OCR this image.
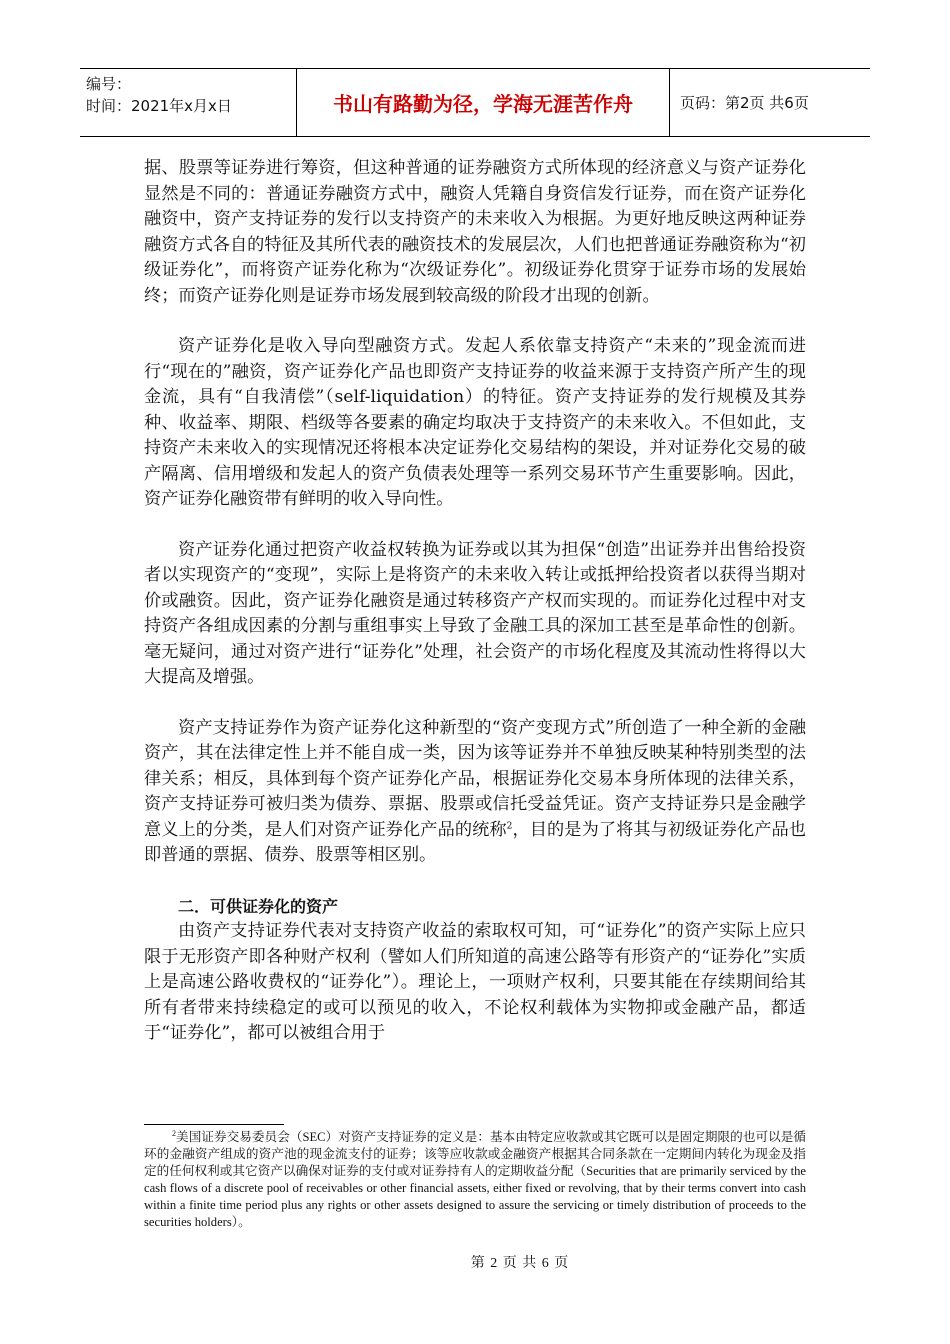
编号：
时间：2021年x月x日	书山有路勤为径，学海无涯苦作舟	页码：第2页 共6页

据、股票等证券进行筹资，但这种普通的证券融资方式所体现的经济意义与资产证券化显然是不同的：普通证券融资方式中，融资人凭籍自身资信发行证券，而在资产证券化融资中，资产支持证券的发行以支持资产的未来收入为根据。为更好地反映这两种证券融资方式各自的特征及其所代表的融资技术的发展层次，人们也把普通证券融资称为“初级证券化”，而将资产证券化称为“次级证券化”。初级证券化贯穿于证券市场的发展始终；而资产证券化则是证券市场发展到较高级的阶段才出现的创新。

资产证券化是收入导向型融资方式。发起人系依靠支持资产“未来的”现金流而进行“现在的”融资，资产证券化产品也即资产支持证券的收益来源于支持资产所产生的现金流，具有“自我清偿”（self-liquidation）的特征。资产支持证券的发行规模及其券种、收益率、期限、档级等各要素的确定均取决于支持资产的未来收入。不但如此，支持资产未来收入的实现情况还将根本决定证券化交易结构的架设，并对证券化交易的破产隔离、信用增级和发起人的资产负债表处理等一系列交易环节产生重要影响。因此，资产证券化融资带有鲜明的收入导向性。

资产证券化通过把资产收益权转换为证券或以其为担保“创造”出证券并出售给投资者以实现资产的“变现”，实际上是将资产的未来收入转让或抵押给投资者以获得当期对价或融资。因此，资产证券化融资是通过转移资产产权而实现的。而证券化过程中对支持资产各组成因素的分割与重组事实上导致了金融工具的深加工甚至是革命性的创新。毫无疑问，通过对资产进行“证券化”处理，社会资产的市场化程度及其流动性将得以大大提高及增强。

资产支持证券作为资产证券化这种新型的“资产变现方式”所创造了一种全新的金融资产，其在法律定性上并不能自成一类，因为该等证券并不单独反映某种特别类型的法律关系；相反，具体到每个资产证券化产品，根据证券化交易本身所体现的法律关系，资产支持证券可被归类为债券、票据、股票或信托受益凭证。资产支持证券只是金融学意义上的分类，是人们对资产证券化产品的统称$^2$，目的是为了将其与初级证券化产品也即普通的票据、债券、股票等相区别。

二．可供证券化的资产

由资产支持证券代表对支持资产收益的索取权可知，可“证券化”的资产实际上应只限于无形资产即各种财产权利（譬如人们所知道的高速公路等有形资产的“证券化”实质上是高速公路收费权的“证券化”）。理论上，一项财产权利，只要其能在存续期间给其所有者带来持续稳定的或可以预见的收入，不论权利载体为实物抑或金融产品，都适于“证券化”，都可以被组合用于

$^2$美国证券交易委员会（SEC）对资产支持证券的定义是：基本由特定应收款或其它既可以是固定期限的也可以是循环的金融资产组成的资产池的现金流支付的证券；该等应收款或金融资产根据其合同条款在一定期间内转化为现金及指定的任何权利或其它资产以确保对证券的支付或对证券持有人的定期收益分配（Securities that are primarily serviced by the cash flows of a discrete pool of receivables or other financial assets, either fixed or revolving, that by their terms convert into cash within a finite time period plus any rights or other assets designed to assure the servicing or timely distribution of proceeds to the securities holders）。
第 2 页 共 6 页
